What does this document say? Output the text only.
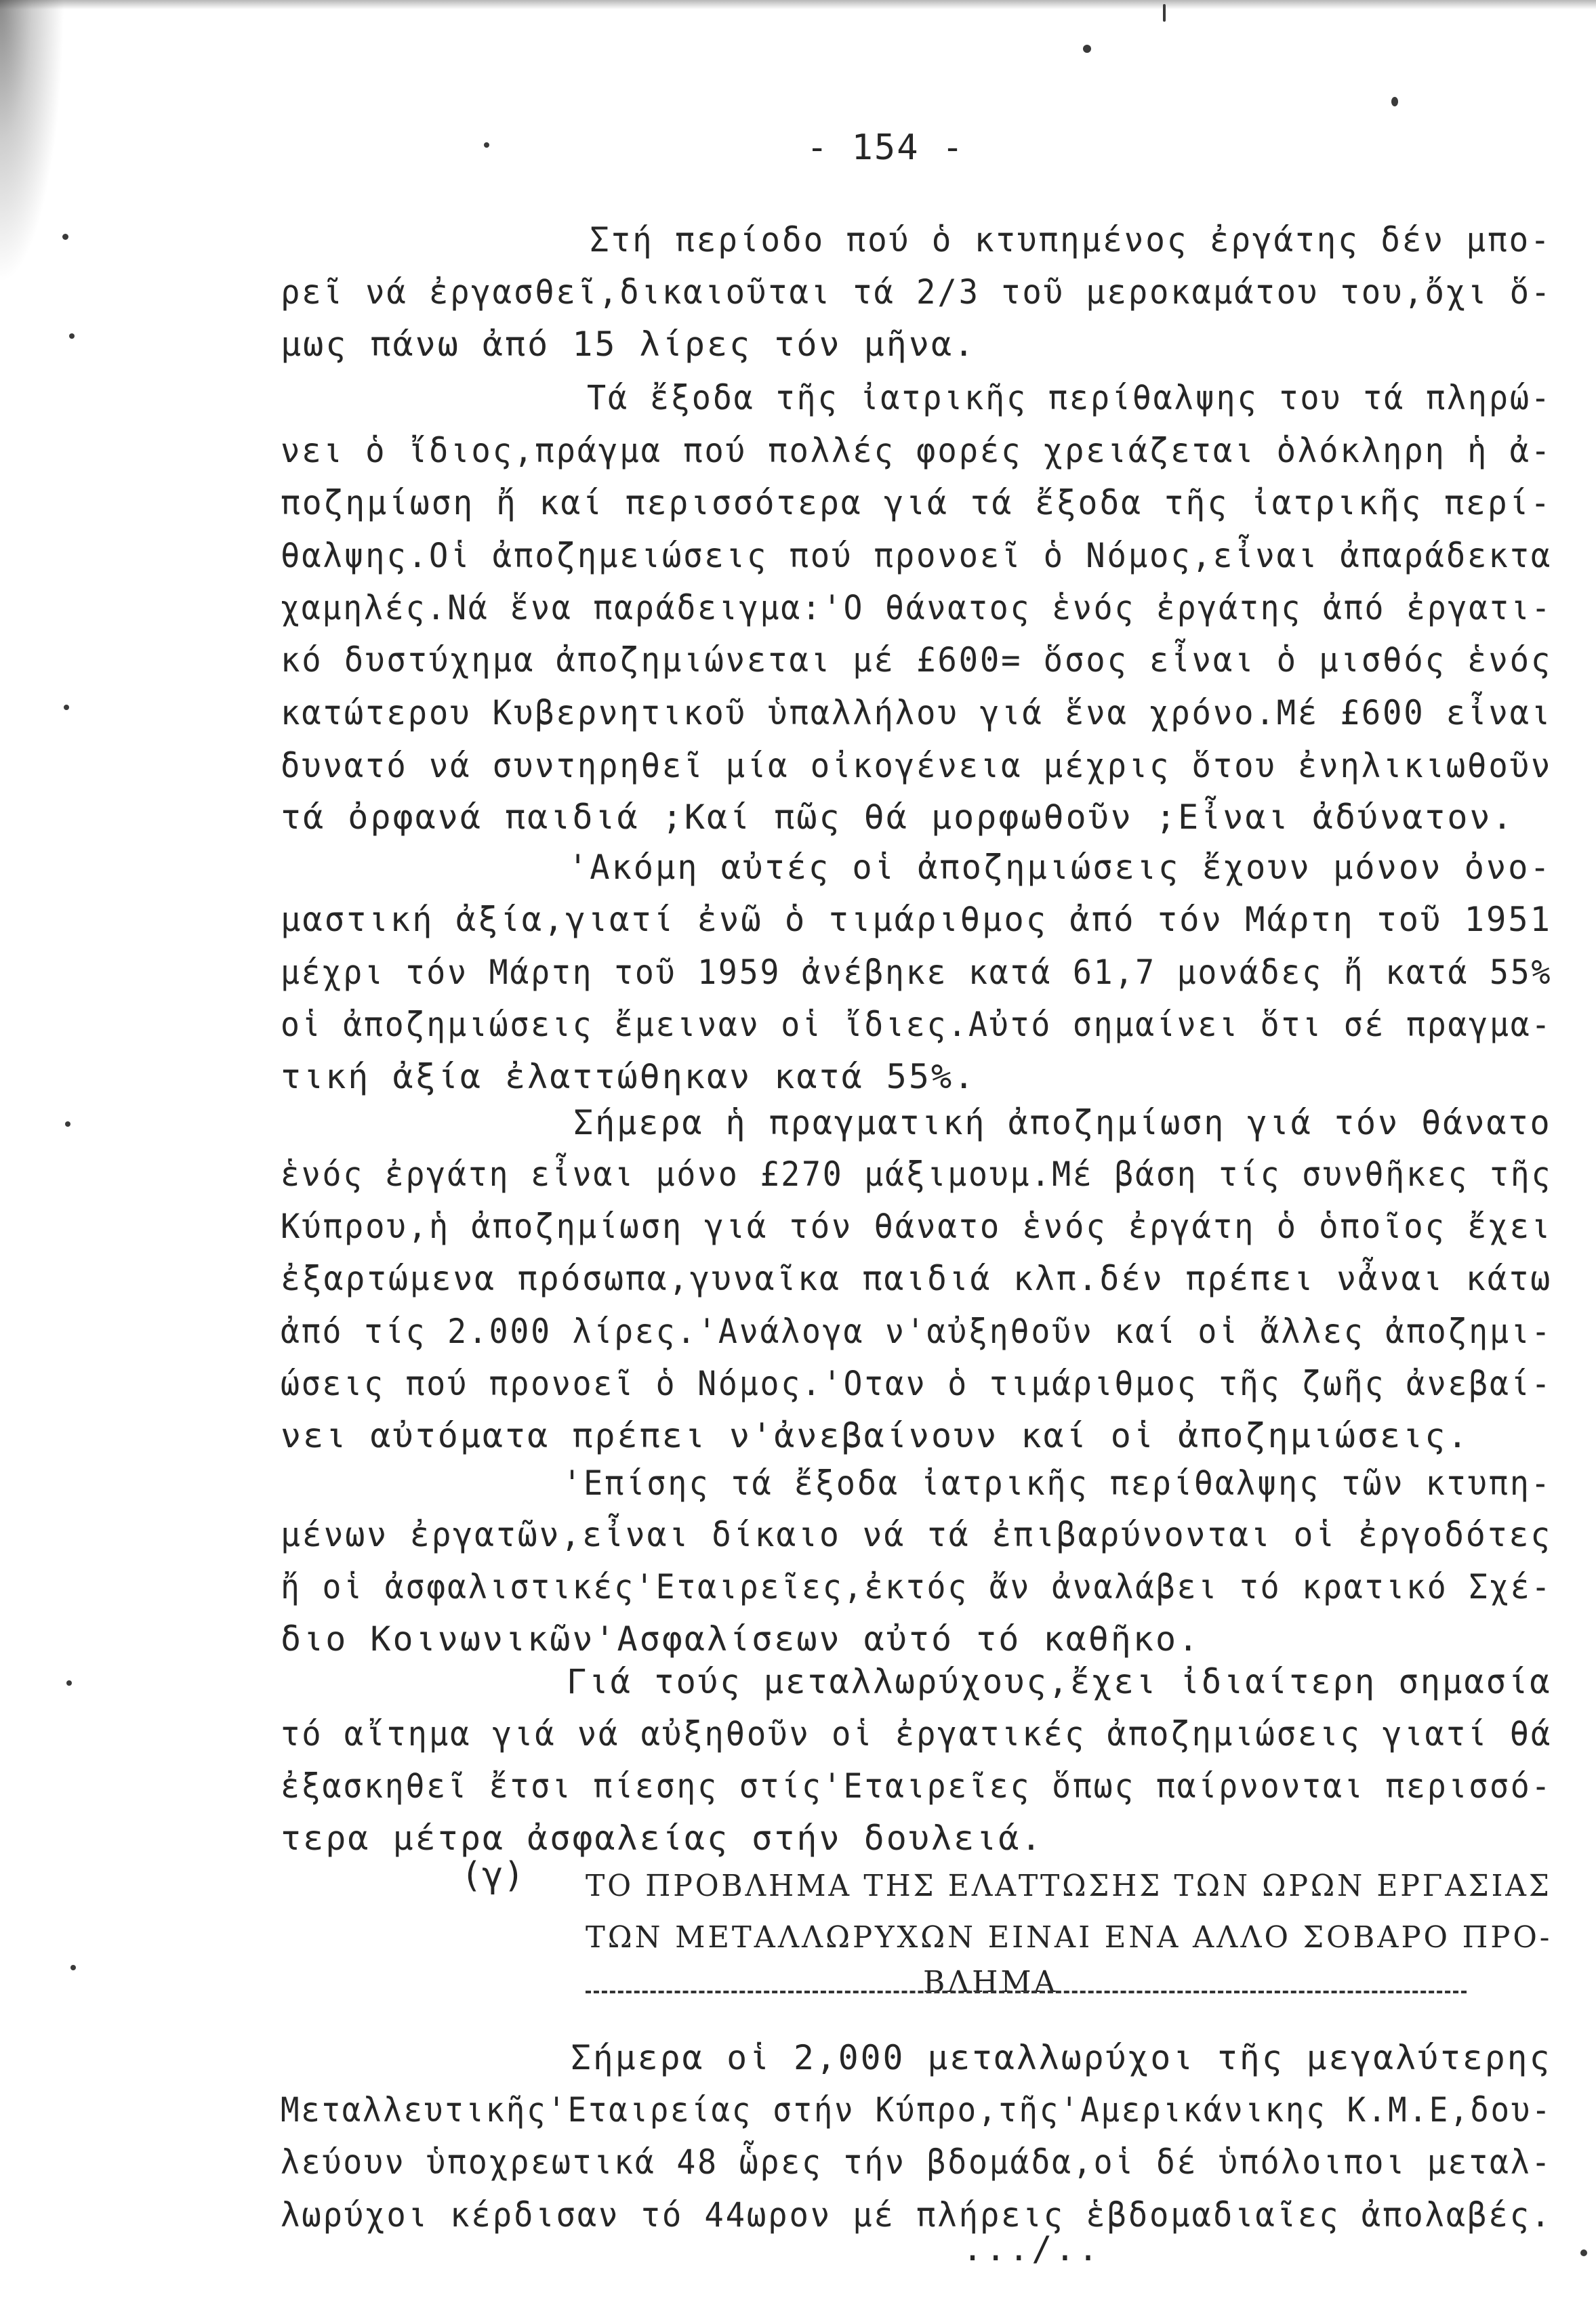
- 154 -
Στή περίοδο πού ὁ κτυπημένος ἐργάτης δέν μπο-
ρεῖ νά ἐργασθεῖ,δικαιοῦται τά 2/3 τοῦ μεροκαμάτου του,ὄχι ὅ-
μως πάνω ἀπό 15 λίρες τόν μῆνα.
Τά ἔξοδα τῆς ἰατρικῆς περίθαλψης του τά πληρώ-
νει ὁ ἴδιος,πράγμα πού πολλές φορές χρειάζεται ὁλόκληρη ἡ ἀ-
ποζημίωση ἤ καί περισσότερα γιά τά ἔξοδα τῆς ἰατρικῆς περί-
θαλψης.Οἱ ἀποζημειώσεις πού προνοεῖ ὁ Νόμος,εἶναι ἀπαράδεκτα
χαμηλές.Νά ἕνα παράδειγμα:'Ο θάνατος ἑνός ἐργάτης ἀπό ἐργατι-
κό δυστύχημα ἀποζημιώνεται μέ £600= ὅσος εἶναι ὁ μισθός ἑνός
κατώτερου Κυβερνητικοῦ ὑπαλλήλου γιά ἕνα χρόνο.Μέ £600 εἶναι
δυνατό νά συντηρηθεῖ μία οἰκογένεια μέχρις ὅτου ἐνηλικιωθοῦν
τά ὀρφανά παιδιά ;Καί πῶς θά μορφωθοῦν ;Εἶναι ἀδύνατον.
'Ακόμη αὐτές οἱ ἀποζημιώσεις ἔχουν μόνον ὀνο-
μαστική ἀξία,γιατί ἐνῶ ὁ τιμάριθμος ἀπό τόν Μάρτη τοῦ 1951
μέχρι τόν Μάρτη τοῦ 1959 ἀνέβηκε κατά 61,7 μονάδες ἤ κατά 55%
οἱ ἀποζημιώσεις ἔμειναν οἱ ἴδιες.Αὐτό σημαίνει ὅτι σέ πραγμα-
τική ἀξία ἐλαττώθηκαν κατά 55%.
Σήμερα ἡ πραγματική ἀποζημίωση γιά τόν θάνατο
ἑνός ἐργάτη εἶναι μόνο £270 μάξιμουμ.Μέ βάση τίς συνθῆκες τῆς
Κύπρου,ἡ ἀποζημίωση γιά τόν θάνατο ἑνός ἐργάτη ὁ ὁποῖος ἔχει
ἐξαρτώμενα πρόσωπα,γυναῖκα παιδιά κλπ.δέν πρέπει νἆναι κάτω
ἀπό τίς 2.000 λίρες.'Ανάλογα ν'αὐξηθοῦν καί οἱ ἄλλες ἀποζημι-
ώσεις πού προνοεῖ ὁ Νόμος.'Οταν ὁ τιμάριθμος τῆς ζωῆς ἀνεβαί-
νει αὐτόματα πρέπει ν'ἀνεβαίνουν καί οἱ ἀποζημιώσεις.
'Επίσης τά ἔξοδα ἰατρικῆς περίθαλψης τῶν κτυπη-
μένων ἐργατῶν,εἶναι δίκαιο νά τά ἐπιβαρύνονται οἱ ἐργοδότες
ἤ οἱ ἀσφαλιστικές'Εταιρεῖες,ἐκτός ἄν ἀναλάβει τό κρατικό Σχέ-
διο Κοινωνικῶν'Ασφαλίσεων αὐτό τό καθῆκο.
Γιά τούς μεταλλωρύχους,ἔχει ἰδιαίτερη σημασία
τό αἴτημα γιά νά αὐξηθοῦν οἱ ἐργατικές ἀποζημιώσεις γιατί θά
ἐξασκηθεῖ ἔτσι πίεσης στίς'Εταιρεῖες ὅπως παίρνονται περισσό-
τερα μέτρα ἀσφαλείας στήν δουλειά.
(γ) ΤΟ ΠΡΟΒΛΗΜΑ ΤΗΣ ΕΛΑΤΤΩΣΗΣ ΤΩΝ ΩΡΩΝ ΕΡΓΑΣΙΑΣ
ΤΩΝ ΜΕΤΑΛΛΩΡΥΧΩΝ ΕΙΝΑΙ ΕΝΑ ΑΛΛΟ ΣΟΒΑΡΟ ΠΡΟ-
ΒΛΗΜΑ
Σήμερα οἱ 2,000 μεταλλωρύχοι τῆς μεγαλύτερης
Μεταλλευτικῆς'Εταιρείας στήν Κύπρο,τῆς'Αμερικάνικης Κ.Μ.Ε,δου-
λεύουν ὑποχρεωτικά 48 ὧρες τήν βδομάδα,οἱ δέ ὑπόλοιποι μεταλ-
λωρύχοι κέρδισαν τό 44ωρον μέ πλήρεις ἑβδομαδιαῖες ἀπολαβές.
.../..
